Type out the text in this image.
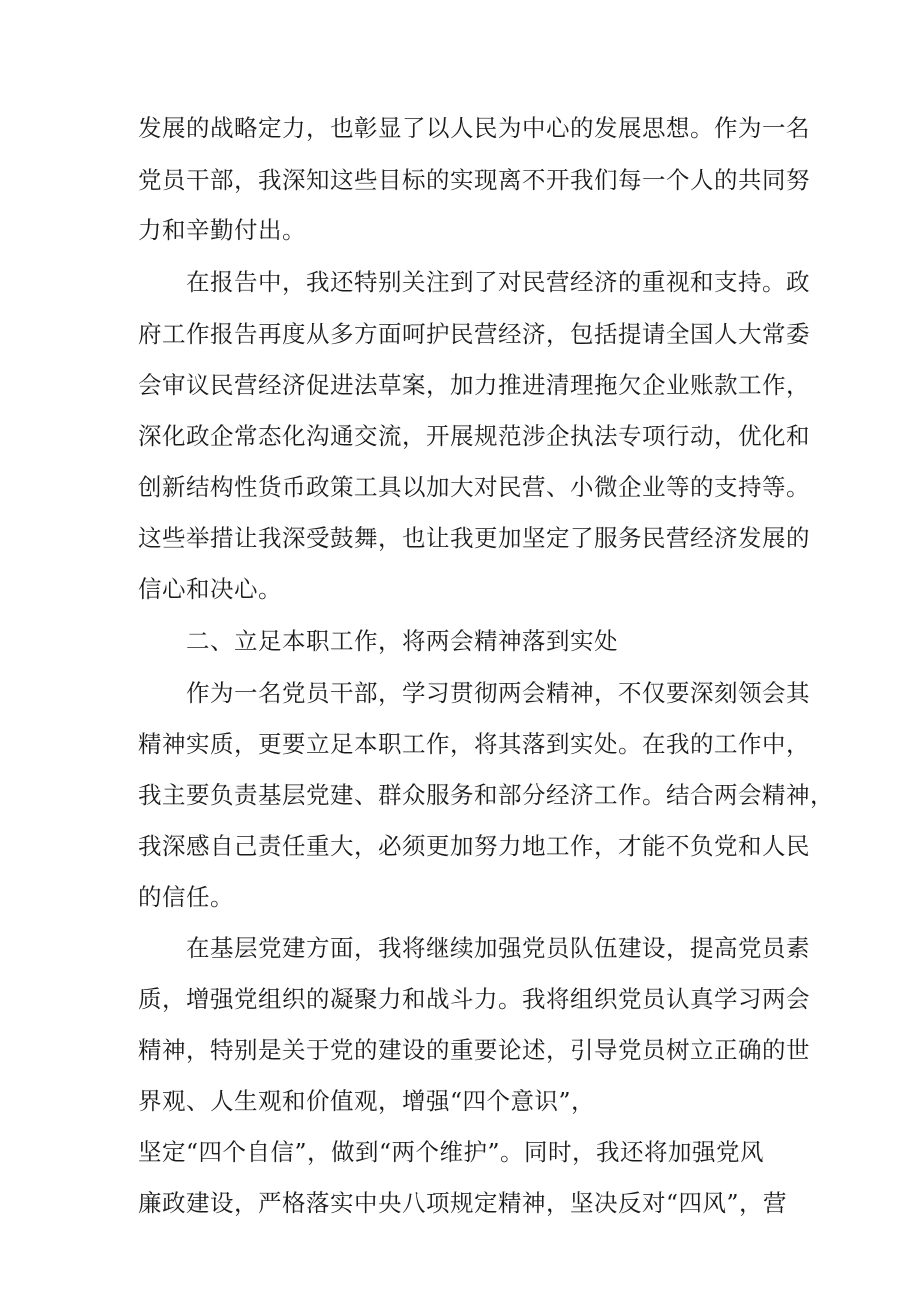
发展的战略定力，也彰显了以人民为中心的发展思想。作为一名
党员干部，我深知这些目标的实现离不开我们每一个人的共同努
力和辛勤付出。
在报告中，我还特别关注到了对民营经济的重视和支持。政
府工作报告再度从多方面呵护民营经济，包括提请全国人大常委
会审议民营经济促进法草案，加力推进清理拖欠企业账款工作，
深化政企常态化沟通交流，开展规范涉企执法专项行动，优化和
创新结构性货币政策工具以加大对民营、小微企业等的支持等。
这些举措让我深受鼓舞，也让我更加坚定了服务民营经济发展的
信心和决心。
二、立足本职工作，将两会精神落到实处
作为一名党员干部，学习贯彻两会精神，不仅要深刻领会其
精神实质，更要立足本职工作，将其落到实处。在我的工作中，
我主要负责基层党建、群众服务和部分经济工作。结合两会精神，
我深感自己责任重大，必须更加努力地工作，才能不负党和人民
的信任。
在基层党建方面，我将继续加强党员队伍建设，提高党员素
质，增强党组织的凝聚力和战斗力。我将组织党员认真学习两会
精神，特别是关于党的建设的重要论述，引导党员树立正确的世
界观、人生观和价值观，增强“四个意识”，
坚定“四个自信”，做到“两个维护”。同时，我还将加强党风
廉政建设，严格落实中央八项规定精神，坚决反对“四风”，营
